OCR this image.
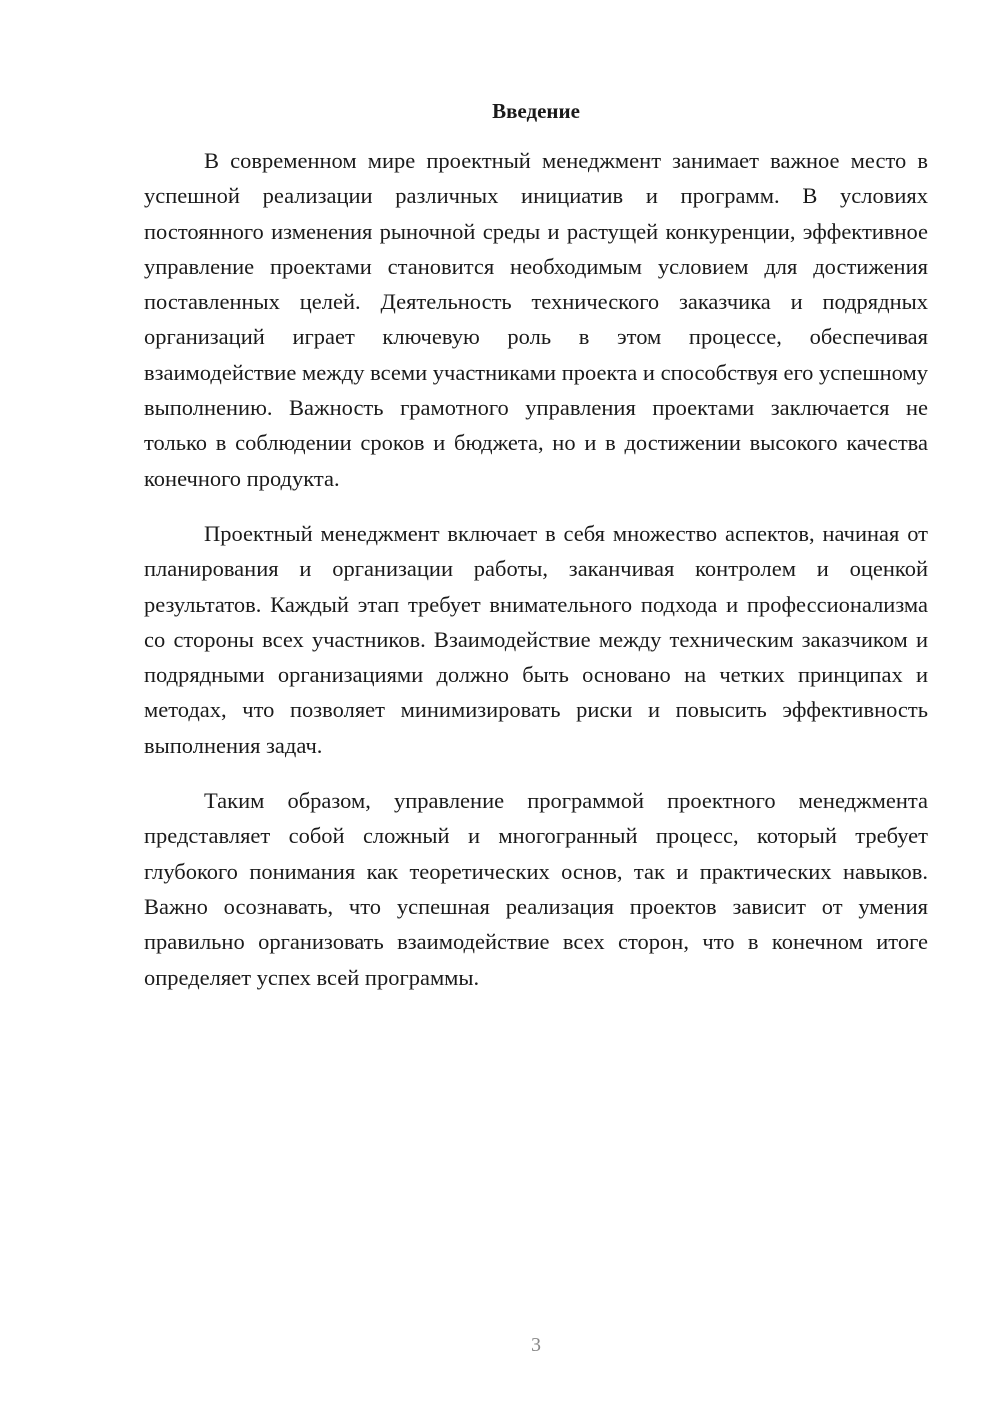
Введение

В современном мире проектный менеджмент занимает важное место в успешной реализации различных инициатив и программ. В условиях постоянного изменения рыночной среды и растущей конкуренции, эффективное управление проектами становится необходимым условием для достижения поставленных целей. Деятельность технического заказчика и подрядных организаций играет ключевую роль в этом процессе, обеспечивая взаимодействие между всеми участниками проекта и способствуя его успешному выполнению. Важность грамотного управления проектами заключается не только в соблюдении сроков и бюджета, но и в достижении высокого качества конечного продукта.

Проектный менеджмент включает в себя множество аспектов, начиная от планирования и организации работы, заканчивая контролем и оценкой результатов. Каждый этап требует внимательного подхода и профессионализма со стороны всех участников. Взаимодействие между техническим заказчиком и подрядными организациями должно быть основано на четких принципах и методах, что позволяет минимизировать риски и повысить эффективность выполнения задач.

Таким образом, управление программой проектного менеджмента представляет собой сложный и многогранный процесс, который требует глубокого понимания как теоретических основ, так и практических навыков. Важно осознавать, что успешная реализация проектов зависит от умения правильно организовать взаимодействие всех сторон, что в конечном итоге определяет успех всей программы.

3
